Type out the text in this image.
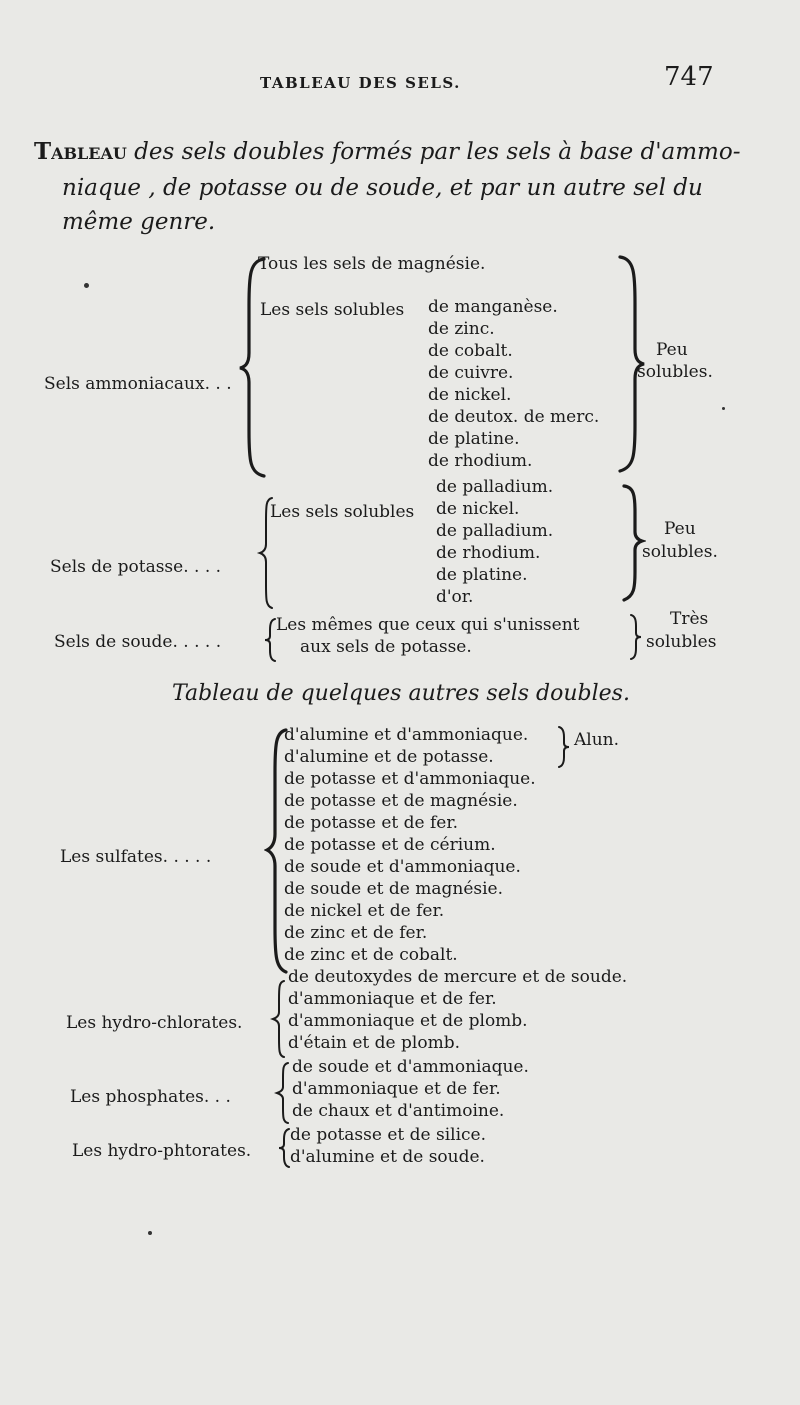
TABLEAU DES SELS.	747
Tableau des sels doubles formés par les sels à base d'ammo-
niaque , de potasse ou de soude, et par un autre sel du
même genre.
Sels ammoniacaux. . .
Tous les sels de magnésie.
Les sels solubles de manganèse.
de zinc.
de cobalt.
de cuivre.
de nickel.
de deutox. de merc.
de platine.
de rhodium.
Peu
solubles.
Sels de potasse. . . .
Les sels solubles
de palladium.
de nickel.
de palladium.
de rhodium.
de platine.
d'or.
Peu
solubles.
Sels de soude. . . . .
Les mêmes que ceux qui s'unissent
aux sels de potasse.
Très
solubles
Tableau de quelques autres sels doubles.
Les sulfates. . . . .
d'alumine et d'ammoniaque.
d'alumine et de potasse.
de potasse et d'ammoniaque.
de potasse et de magnésie.
de potasse et de fer.
de potasse et de cérium.
de soude et d'ammoniaque.
de soude et de magnésie.
de nickel et de fer.
de zinc et de fer.
de zinc et de cobalt.
Alun.
Les hydro-chlorates.
de deutoxydes de mercure et de soude.
d'ammoniaque et de fer.
d'ammoniaque et de plomb.
d'étain et de plomb.
Les phosphates. . .
de soude et d'ammoniaque.
d'ammoniaque et de fer.
de chaux et d'antimoine.
Les hydro-phtorates.
de potasse et de silice.
d'alumine et de soude.
